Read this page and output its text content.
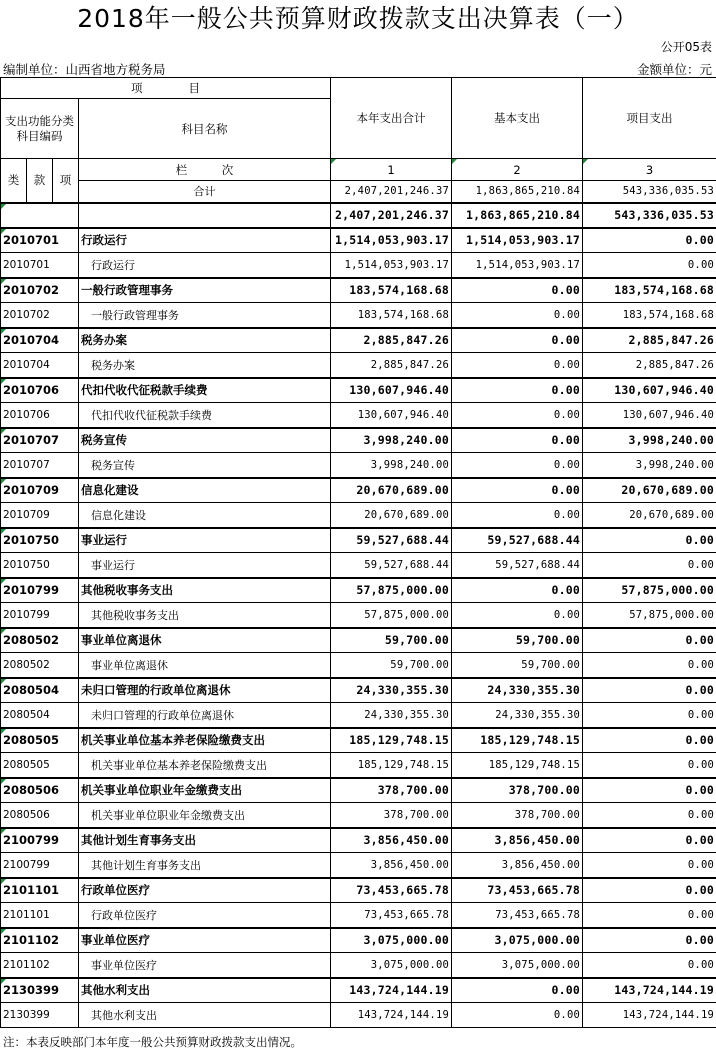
2018年一般公共预算财政拨款支出决算表（一）
公开05表
编制单位：山西省地方税务局	金额单位：元
项　　　　目				本年支出合计	基本支出	项目支出
支出功能分类科目编码			科目名称			

类	款	项	栏　　　次	1	2	3
			合计	2,407,201,246.37	1,863,865,210.84	543,336,035.53
				2,407,201,246.37	1,863,865,210.84	543,336,035.53
2010701			行政运行	1,514,053,903.17	1,514,053,903.17	0.00
2010701			行政运行	1,514,053,903.17	1,514,053,903.17	0.00
2010702			一般行政管理事务	183,574,168.68	0.00	183,574,168.68
2010702			一般行政管理事务	183,574,168.68	0.00	183,574,168.68
2010704			税务办案	2,885,847.26	0.00	2,885,847.26
2010704			税务办案	2,885,847.26	0.00	2,885,847.26
2010706			代扣代收代征税款手续费	130,607,946.40	0.00	130,607,946.40
2010706			代扣代收代征税款手续费	130,607,946.40	0.00	130,607,946.40
2010707			税务宣传	3,998,240.00	0.00	3,998,240.00
2010707			税务宣传	3,998,240.00	0.00	3,998,240.00
2010709			信息化建设	20,670,689.00	0.00	20,670,689.00
2010709			信息化建设	20,670,689.00	0.00	20,670,689.00
2010750			事业运行	59,527,688.44	59,527,688.44	0.00
2010750			事业运行	59,527,688.44	59,527,688.44	0.00
2010799			其他税收事务支出	57,875,000.00	0.00	57,875,000.00
2010799			其他税收事务支出	57,875,000.00	0.00	57,875,000.00
2080502			事业单位离退休	59,700.00	59,700.00	0.00
2080502			事业单位离退休	59,700.00	59,700.00	0.00
2080504			未归口管理的行政单位离退休	24,330,355.30	24,330,355.30	0.00
2080504			未归口管理的行政单位离退休	24,330,355.30	24,330,355.30	0.00
2080505			机关事业单位基本养老保险缴费支出	185,129,748.15	185,129,748.15	0.00
2080505			机关事业单位基本养老保险缴费支出	185,129,748.15	185,129,748.15	0.00
2080506			机关事业单位职业年金缴费支出	378,700.00	378,700.00	0.00
2080506			机关事业单位职业年金缴费支出	378,700.00	378,700.00	0.00
2100799			其他计划生育事务支出	3,856,450.00	3,856,450.00	0.00
2100799			其他计划生育事务支出	3,856,450.00	3,856,450.00	0.00
2101101			行政单位医疗	73,453,665.78	73,453,665.78	0.00
2101101			行政单位医疗	73,453,665.78	73,453,665.78	0.00
2101102			事业单位医疗	3,075,000.00	3,075,000.00	0.00
2101102			事业单位医疗	3,075,000.00	3,075,000.00	0.00
2130399			其他水利支出	143,724,144.19	0.00	143,724,144.19
2130399			其他水利支出	143,724,144.19	0.00	143,724,144.19
注：本表反映部门本年度一般公共预算财政拨款支出情况。
